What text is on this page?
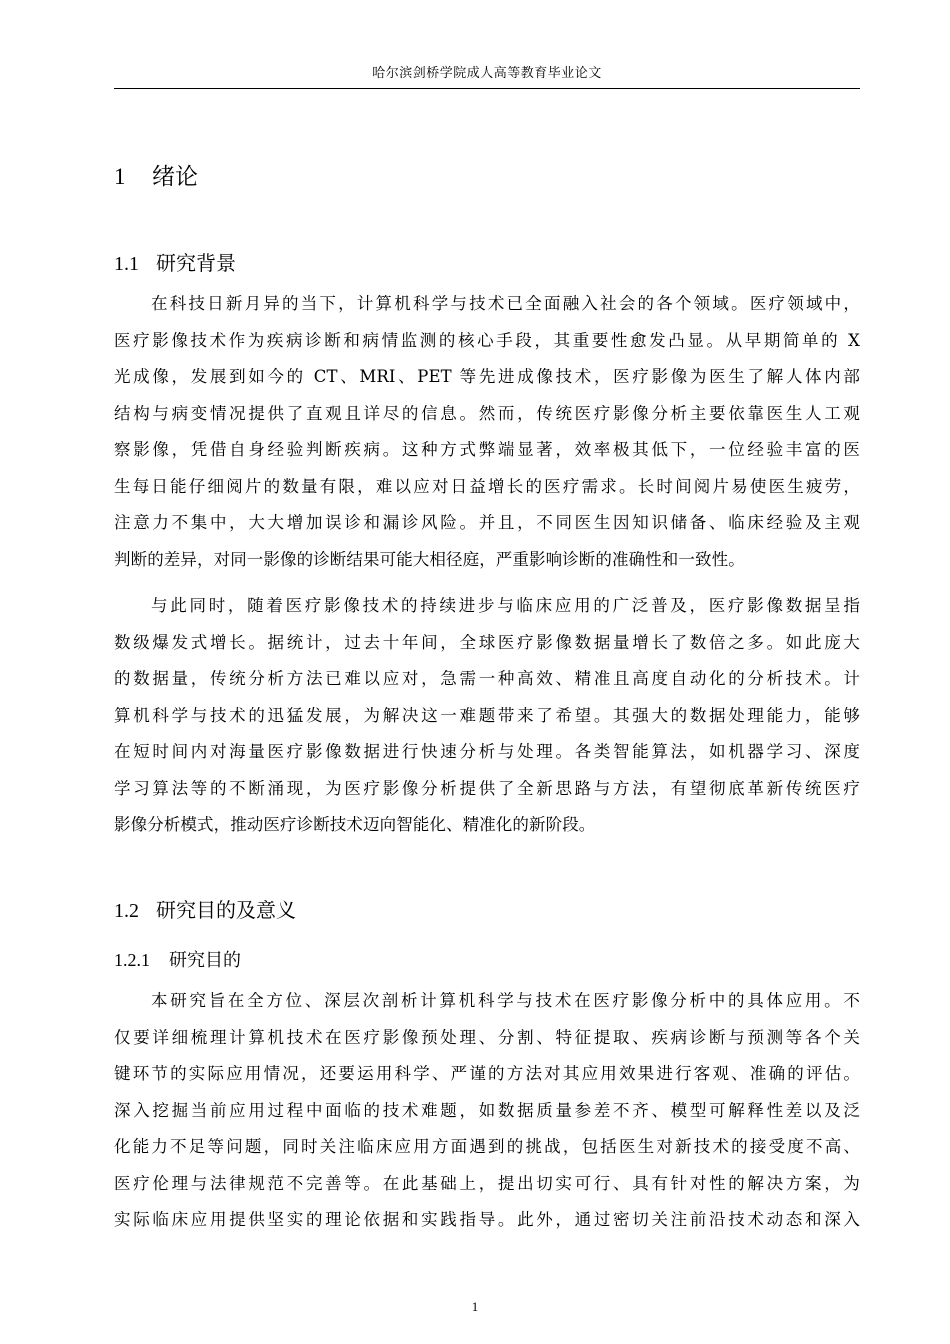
哈尔滨剑桥学院成人高等教育毕业论文
1 绪论
1.1 研究背景
在科技日新月异的当下，计算机科学与技术已全面融入社会的各个领域。医疗领域中，
医疗影像技术作为疾病诊断和病情监测的核心手段，其重要性愈发凸显。从早期简单的 X
光成像，发展到如今的 CT、MRI、PET 等先进成像技术，医疗影像为医生了解人体内部
结构与病变情况提供了直观且详尽的信息。然而，传统医疗影像分析主要依靠医生人工观
察影像，凭借自身经验判断疾病。这种方式弊端显著，效率极其低下，一位经验丰富的医
生每日能仔细阅片的数量有限，难以应对日益增长的医疗需求。长时间阅片易使医生疲劳，
注意力不集中，大大增加误诊和漏诊风险。并且，不同医生因知识储备、临床经验及主观
判断的差异，对同一影像的诊断结果可能大相径庭，严重影响诊断的准确性和一致性。
与此同时，随着医疗影像技术的持续进步与临床应用的广泛普及，医疗影像数据呈指
数级爆发式增长。据统计，过去十年间，全球医疗影像数据量增长了数倍之多。如此庞大
的数据量，传统分析方法已难以应对，急需一种高效、精准且高度自动化的分析技术。计
算机科学与技术的迅猛发展，为解决这一难题带来了希望。其强大的数据处理能力，能够
在短时间内对海量医疗影像数据进行快速分析与处理。各类智能算法，如机器学习、深度
学习算法等的不断涌现，为医疗影像分析提供了全新思路与方法，有望彻底革新传统医疗
影像分析模式，推动医疗诊断技术迈向智能化、精准化的新阶段。
1.2 研究目的及意义
1.2.1 研究目的
本研究旨在全方位、深层次剖析计算机科学与技术在医疗影像分析中的具体应用。不
仅要详细梳理计算机技术在医疗影像预处理、分割、特征提取、疾病诊断与预测等各个关
键环节的实际应用情况，还要运用科学、严谨的方法对其应用效果进行客观、准确的评估。
深入挖掘当前应用过程中面临的技术难题，如数据质量参差不齐、模型可解释性差以及泛
化能力不足等问题，同时关注临床应用方面遇到的挑战，包括医生对新技术的接受度不高、
医疗伦理与法律规范不完善等。在此基础上，提出切实可行、具有针对性的解决方案，为
实际临床应用提供坚实的理论依据和实践指导。此外，通过密切关注前沿技术动态和深入
1
